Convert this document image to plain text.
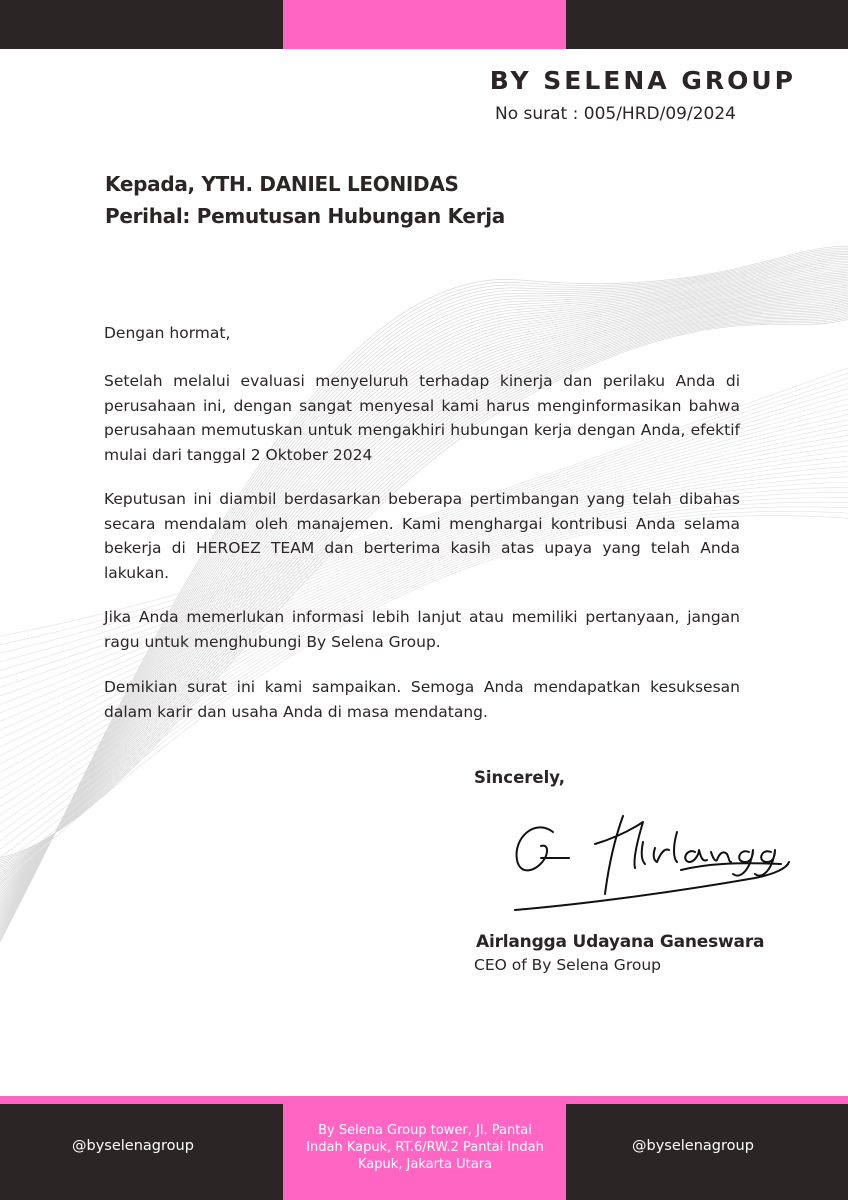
BY SELENA GROUP
No surat : 005/HRD/09/2024
Kepada, YTH. DANIEL LEONIDAS
Perihal: Pemutusan Hubungan Kerja
Dengan hormat,
Setelah melalui evaluasi menyeluruh terhadap kinerja dan perilaku Anda di perusahaan ini, dengan sangat menyesal kami harus menginformasikan bahwa perusahaan memutuskan untuk mengakhiri hubungan kerja dengan Anda, efektif mulai dari tanggal 2 Oktober 2024
Keputusan ini diambil berdasarkan beberapa pertimbangan yang telah dibahas secara mendalam oleh manajemen. Kami menghargai kontribusi Anda selama bekerja di HEROEZ TEAM dan berterima kasih atas upaya yang telah Anda lakukan.
Jika Anda memerlukan informasi lebih lanjut atau memiliki pertanyaan, jangan ragu untuk menghubungi By Selena Group.
Demikian surat ini kami sampaikan. Semoga Anda mendapatkan kesuksesan dalam karir dan usaha Anda di masa mendatang.
Sincerely,
Airlangga Udayana Ganeswara
CEO of By Selena Group
@byselenagroup
By Selena Group tower, Jl. Pantai Indah Kapuk, RT.6/RW.2 Pantai Indah Kapuk, Jakarta Utara
@byselenagroup
